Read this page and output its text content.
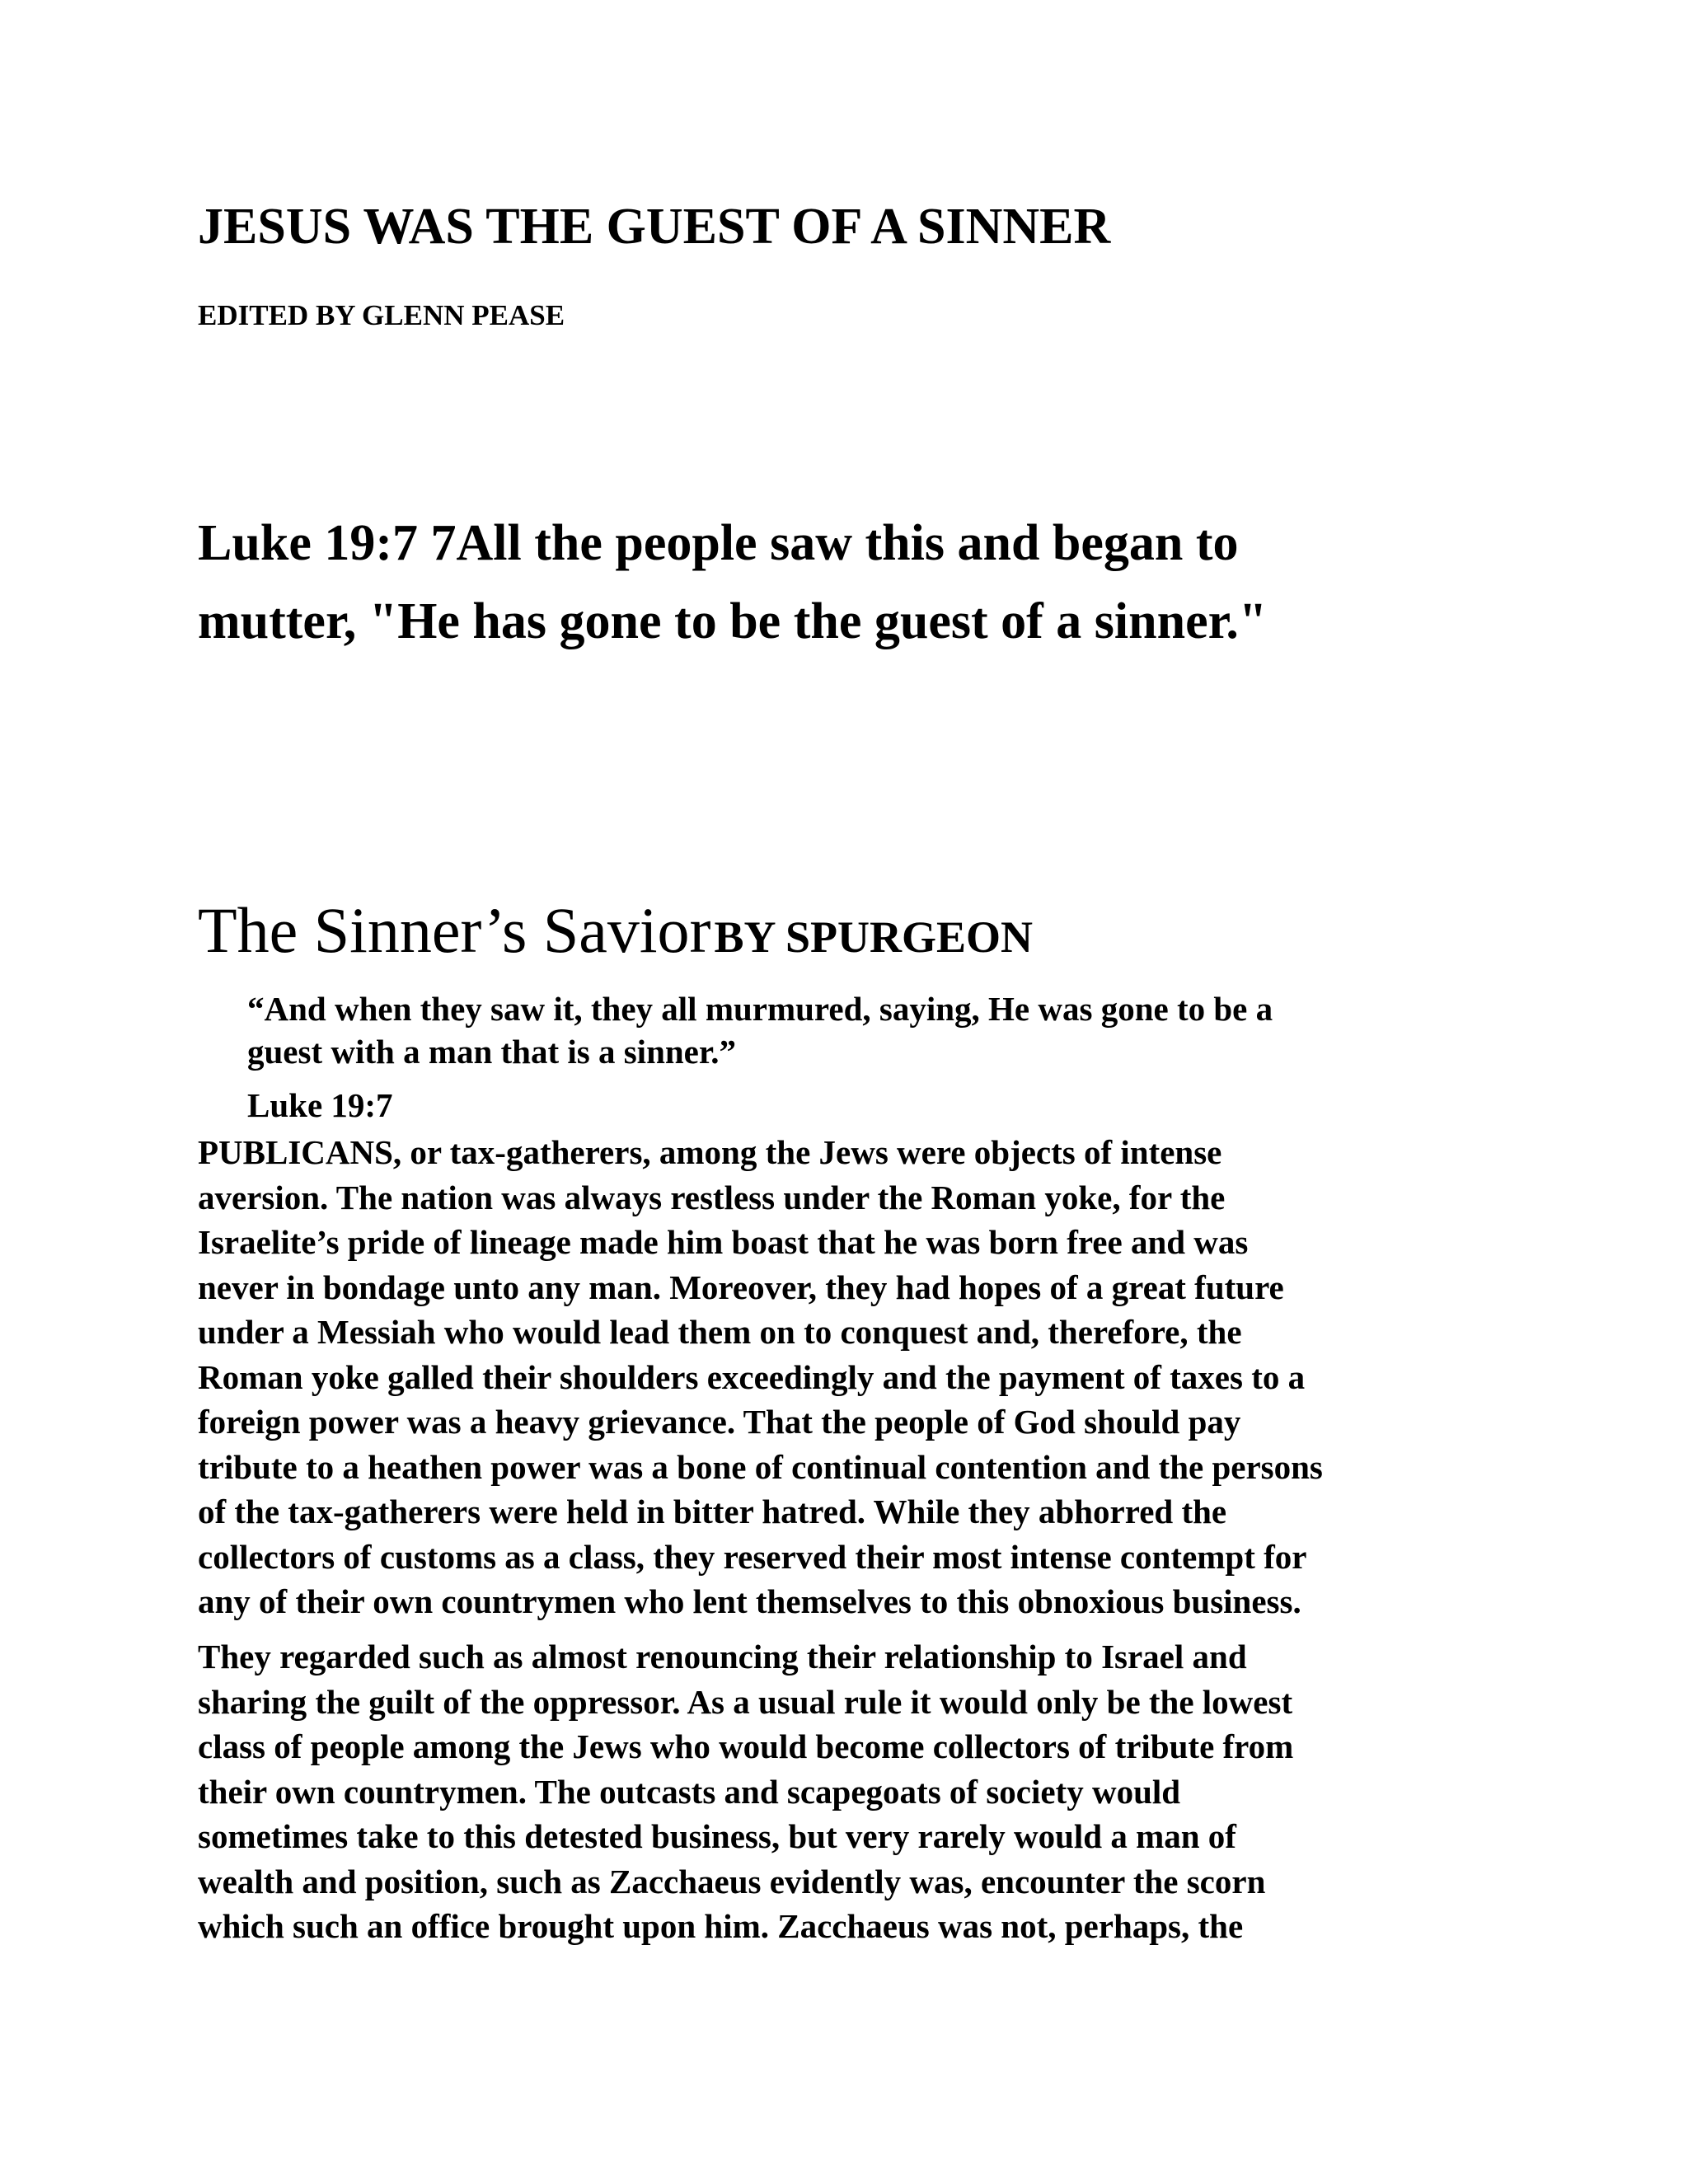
JESUS WAS THE GUEST OF A SINNER
EDITED BY GLENN PEASE
Luke 19:7 7All the people saw this and began to
mutter, "He has gone to be the guest of a sinner."
The Sinner’s Savior BY SPURGEON
“And when they saw it, they all murmured, saying, He was gone to be a
guest with a man that is a sinner.”
Luke 19:7
PUBLICANS, or tax-gatherers, among the Jews were objects of intense
aversion. The nation was always restless under the Roman yoke, for the
Israelite’s pride of lineage made him boast that he was born free and was
never in bondage unto any man. Moreover, they had hopes of a great future
under a Messiah who would lead them on to conquest and, therefore, the
Roman yoke galled their shoulders exceedingly and the payment of taxes to a
foreign power was a heavy grievance. That the people of God should pay
tribute to a heathen power was a bone of continual contention and the persons
of the tax-gatherers were held in bitter hatred. While they abhorred the
collectors of customs as a class, they reserved their most intense contempt for
any of their own countrymen who lent themselves to this obnoxious business.
They regarded such as almost renouncing their relationship to Israel and
sharing the guilt of the oppressor. As a usual rule it would only be the lowest
class of people among the Jews who would become collectors of tribute from
their own countrymen. The outcasts and scapegoats of society would
sometimes take to this detested business, but very rarely would a man of
wealth and position, such as Zacchaeus evidently was, encounter the scorn
which such an office brought upon him. Zacchaeus was not, perhaps, the
